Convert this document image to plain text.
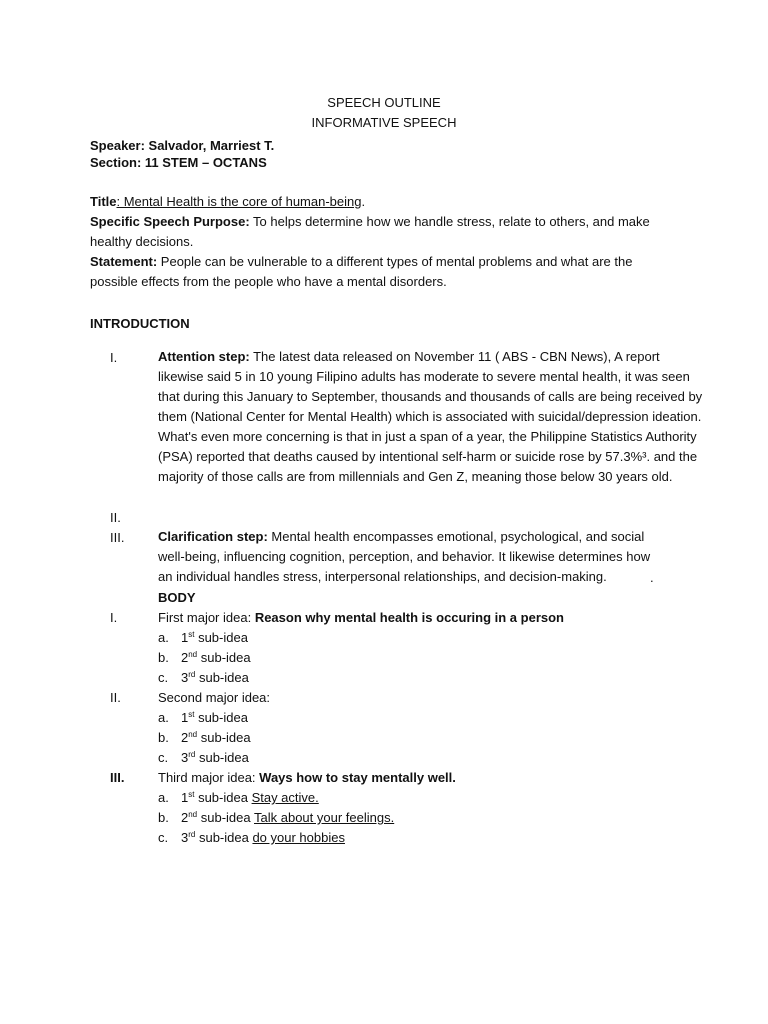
SPEECH OUTLINE
INFORMATIVE SPEECH
Speaker: Salvador, Marriest T.
Section: 11 STEM – OCTANS
Title: Mental Health is the core of human-being.
Specific Speech Purpose: To helps determine how we handle stress, relate to others, and make healthy decisions.
Statement: People can be vulnerable to a different types of mental problems and what are the possible effects from the people who have a mental disorders.
INTRODUCTION
I.	Attention step: The latest data released on November 11 ( ABS - CBN News), A report likewise said 5 in 10 young Filipino adults has moderate to severe mental health, it was seen that during this January to September, thousands and thousands of calls are being received by them (National Center for Mental Health) which is associated with suicidal/depression ideation. What's even more concerning is that in just a span of a year, the Philippine Statistics Authority (PSA) reported that deaths caused by intentional self-harm or suicide rose by 57.3%³. and the majority of those calls are from millennials and Gen Z, meaning those below 30 years old.
II.
III.	Clarification step: Mental health encompasses emotional, psychological, and social well-being, influencing cognition, perception, and behavior. It likewise determines how an individual handles stress, interpersonal relationships, and decision-making.	.
BODY
I.	First major idea: Reason why mental health is occuring in a person
a. 1st sub-idea
b. 2nd sub-idea
c. 3rd sub-idea
II.	Second major idea:
a. 1st sub-idea
b. 2nd sub-idea
c. 3rd sub-idea
III.	Third major idea: Ways how to stay mentally well.
a. 1st sub-idea Stay active.
b. 2nd sub-idea Talk about your feelings.
c. 3rd sub-idea do your hobbies
